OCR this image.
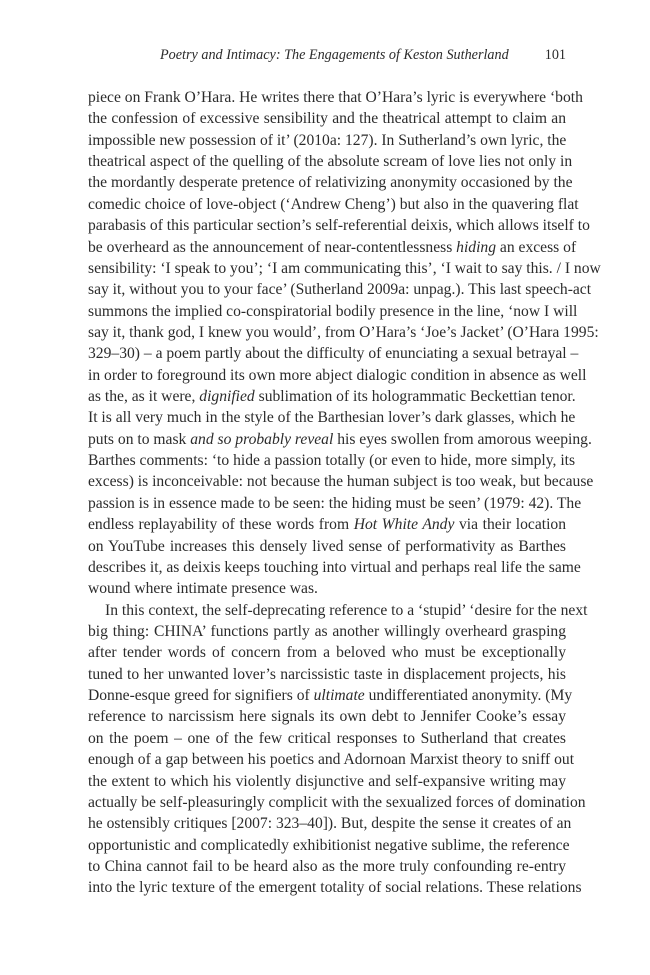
Poetry and Intimacy: The Engagements of Keston Sutherland	101
piece on Frank O’Hara. He writes there that O’Hara’s lyric is everywhere ‘both
the confession of excessive sensibility and the theatrical attempt to claim an
impossible new possession of it’ (2010a: 127). In Sutherland’s own lyric, the
theatrical aspect of the quelling of the absolute scream of love lies not only in
the mordantly desperate pretence of relativizing anonymity occasioned by the
comedic choice of love-object (‘Andrew Cheng’) but also in the quavering flat
parabasis of this particular section’s self-referential deixis, which allows itself to
be overheard as the announcement of near-contentlessness hiding an excess of
sensibility: ‘I speak to you’; ‘I am communicating this’, ‘I wait to say this. / I now
say it, without you to your face’ (Sutherland 2009a: unpag.). This last speech-act
summons the implied co-conspiratorial bodily presence in the line, ‘now I will
say it, thank god, I knew you would’, from O’Hara’s ‘Joe’s Jacket’ (O’Hara 1995:
329–30) – a poem partly about the difficulty of enunciating a sexual betrayal –
in order to foreground its own more abject dialogic condition in absence as well
as the, as it were, dignified sublimation of its hologrammatic Beckettian tenor.
It is all very much in the style of the Barthesian lover’s dark glasses, which he
puts on to mask and so probably reveal his eyes swollen from amorous weeping.
Barthes comments: ‘to hide a passion totally (or even to hide, more simply, its
excess) is inconceivable: not because the human subject is too weak, but because
passion is in essence made to be seen: the hiding must be seen’ (1979: 42). The
endless replayability of these words from Hot White Andy via their location
on YouTube increases this densely lived sense of performativity as Barthes
describes it, as deixis keeps touching into virtual and perhaps real life the same
wound where intimate presence was.
In this context, the self-deprecating reference to a ‘stupid’ ‘desire for the next
big thing: CHINA’ functions partly as another willingly overheard grasping
after tender words of concern from a beloved who must be exceptionally
tuned to her unwanted lover’s narcissistic taste in displacement projects, his
Donne-esque greed for signifiers of ultimate undifferentiated anonymity. (My
reference to narcissism here signals its own debt to Jennifer Cooke’s essay
on the poem – one of the few critical responses to Sutherland that creates
enough of a gap between his poetics and Adornoan Marxist theory to sniff out
the extent to which his violently disjunctive and self-expansive writing may
actually be self-pleasuringly complicit with the sexualized forces of domination
he ostensibly critiques [2007: 323–40]). But, despite the sense it creates of an
opportunistic and complicatedly exhibitionist negative sublime, the reference
to China cannot fail to be heard also as the more truly confounding re-entry
into the lyric texture of the emergent totality of social relations. These relations
